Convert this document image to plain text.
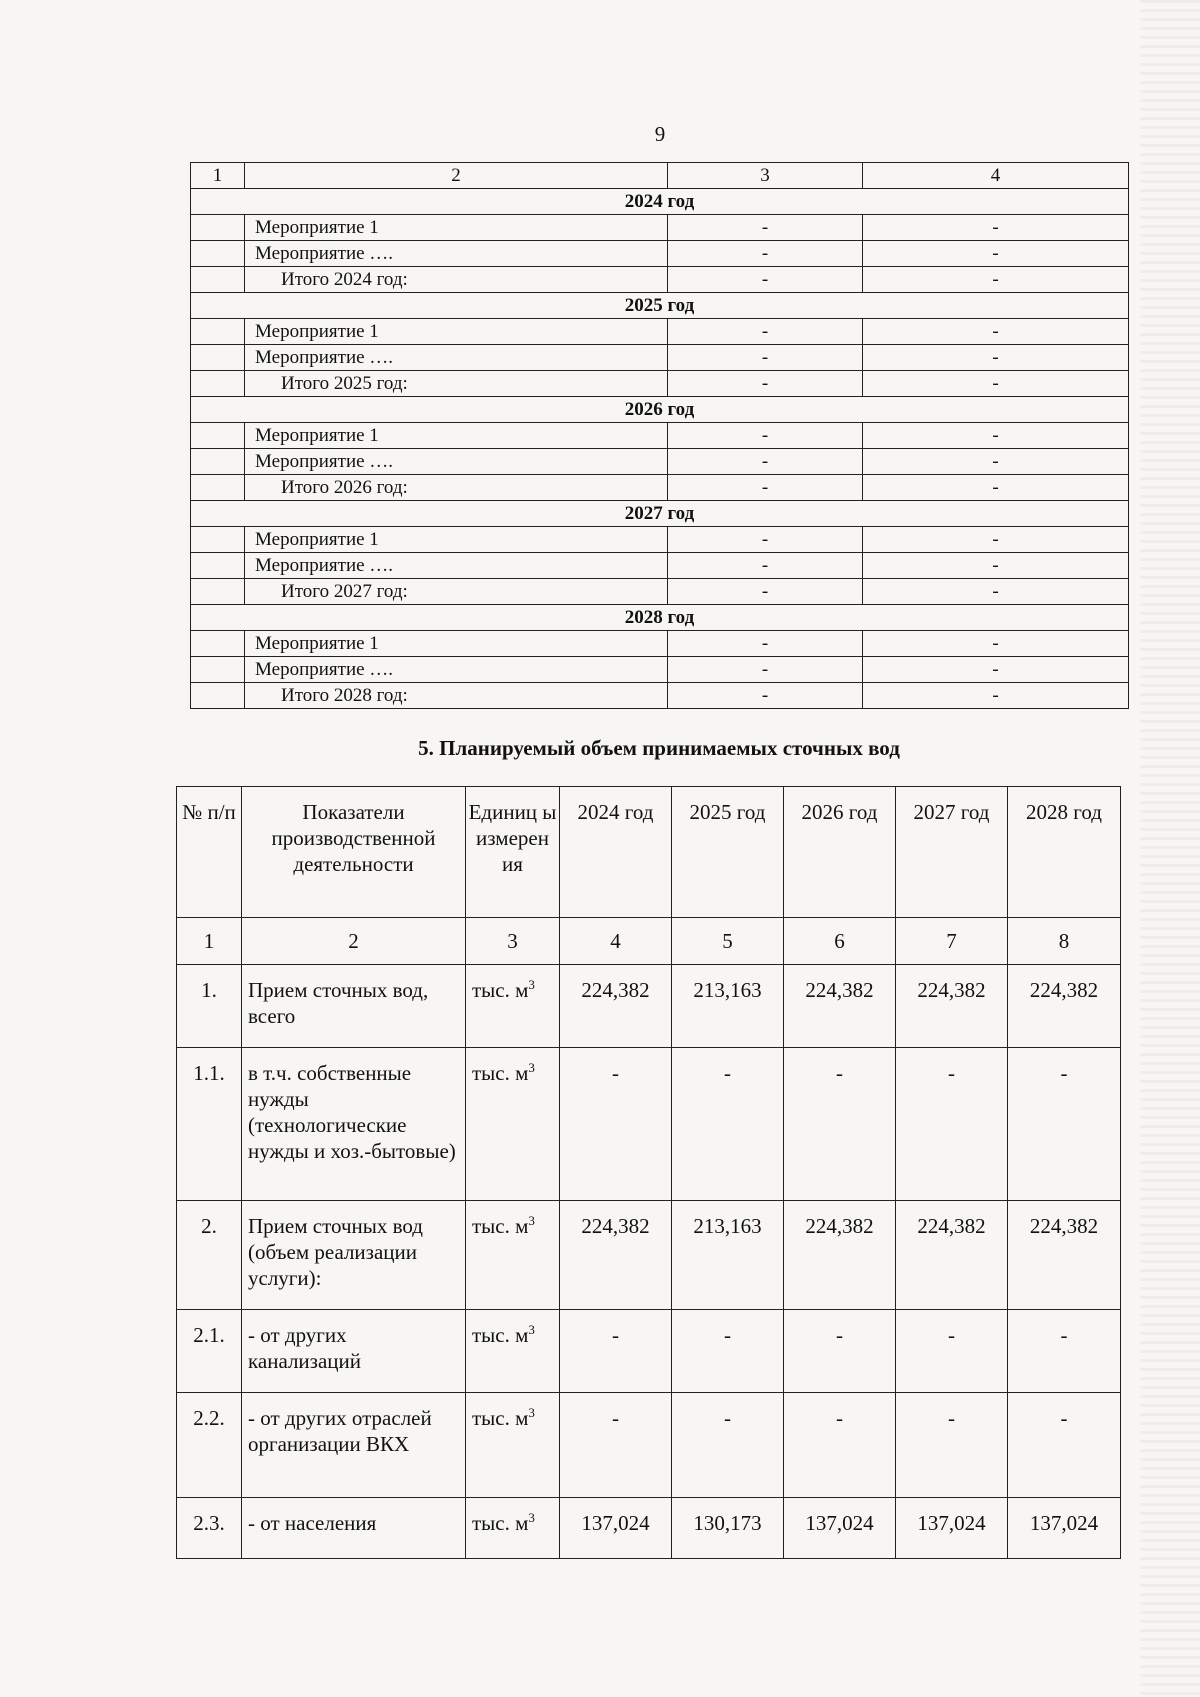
9
1	2	3	4
2024 год			
	Мероприятие 1	-	-
	Мероприятие ….	-	-
	Итого 2024 год:	-	-
2025 год			
	Мероприятие 1	-	-
	Мероприятие ….	-	-
	Итого 2025 год:	-	-
2026 год			
	Мероприятие 1	-	-
	Мероприятие ….	-	-
	Итого 2026 год:	-	-
2027 год			
	Мероприятие 1	-	-
	Мероприятие ….	-	-
	Итого 2027 год:	-	-
2028 год			
	Мероприятие 1	-	-
	Мероприятие ….	-	-
	Итого 2028 год:	-	-
5. Планируемый объем принимаемых сточных вод
№ п/п	Показатели производственной деятельности	Единиц ы измерен ия	2024 год	2025 год	2026 год	2027 год	2028 год
1	2	3	4	5	6	7	8
1.	Прием сточных вод, всего	тыс. $м^3$	224,382	213,163	224,382	224,382	224,382
1.1.	в т.ч. собственные нужды (технологические нужды и хоз.-бытовые)	тыс. $м^3$	-	-	-	-	-
2.	Прием сточных вод (объем реализации услуги):	тыс. $м^3$	224,382	213,163	224,382	224,382	224,382
2.1.	- от других канализаций	тыс. $м^3$	-	-	-	-	-
2.2.	- от других отраслей организации ВКХ	тыс. $м^3$	-	-	-	-	-
2.3.	- от населения	тыс. $м^3$	137,024	130,173	137,024	137,024	137,024
